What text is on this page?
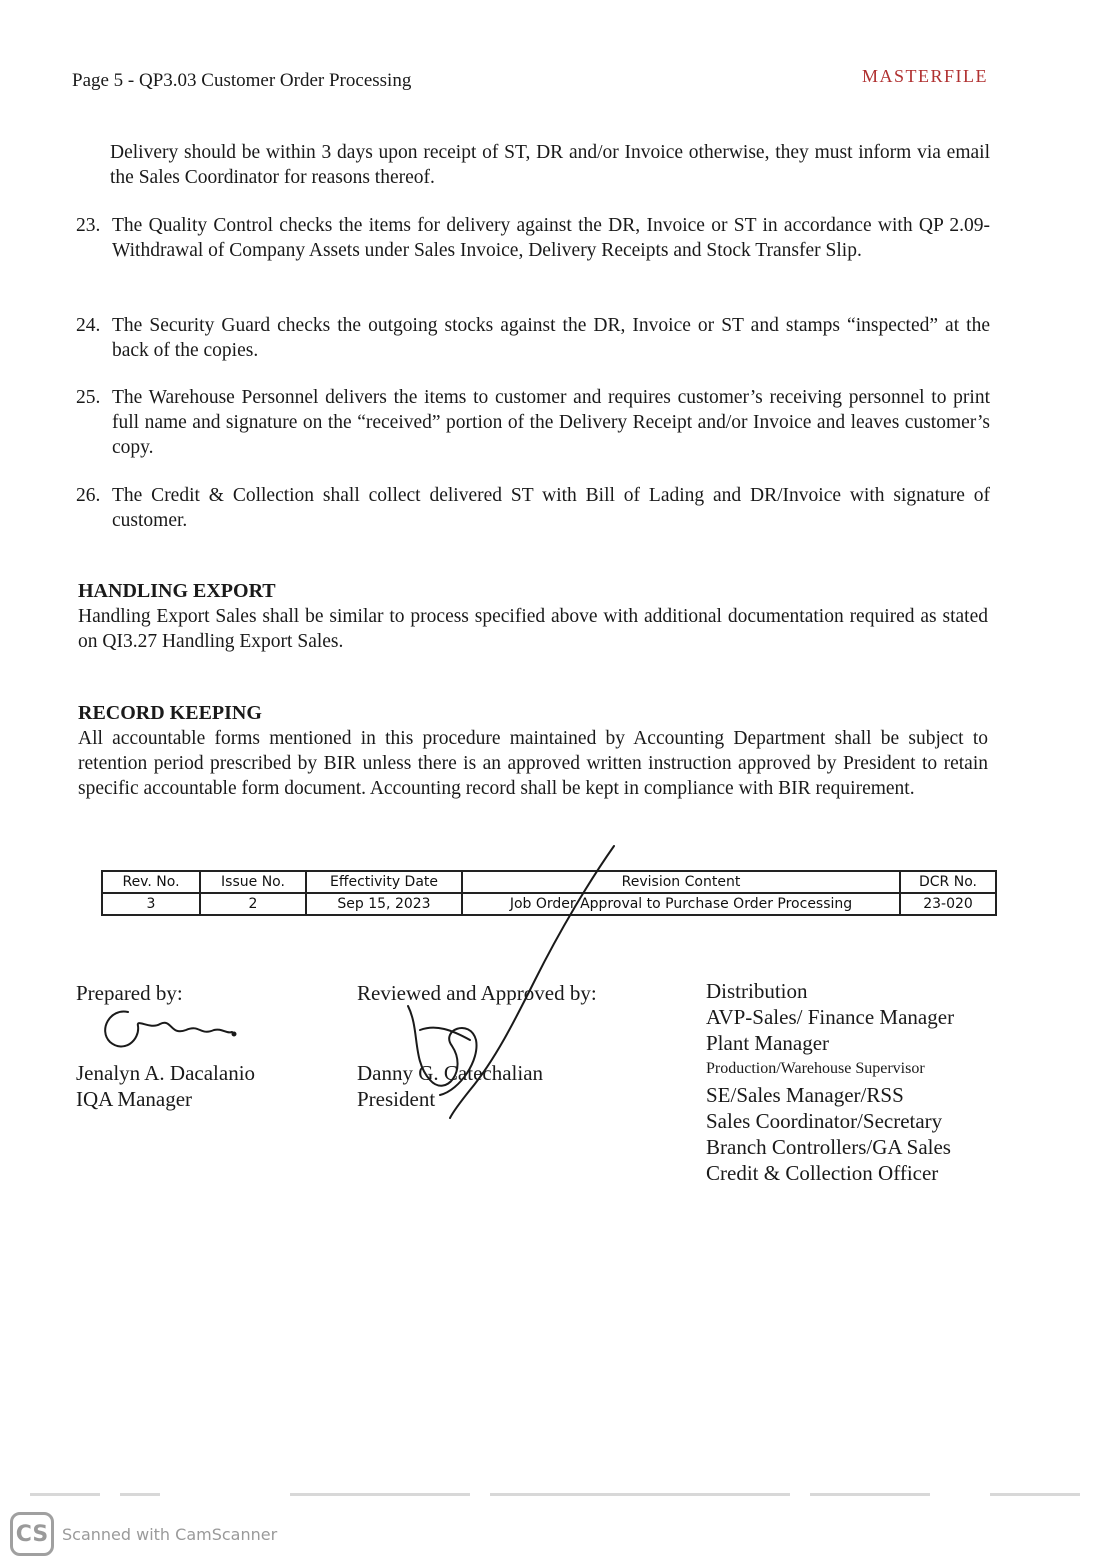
Page 5 - QP3.03 Customer Order Processing	MASTERFILE
Delivery should be within 3 days upon receipt of ST, DR and/or Invoice otherwise, they must inform via email the Sales Coordinator for reasons thereof.
23. The Quality Control checks the items for delivery against the DR, Invoice or ST in accordance with QP 2.09- Withdrawal of Company Assets under Sales Invoice, Delivery Receipts and Stock Transfer Slip.
24. The Security Guard checks the outgoing stocks against the DR, Invoice or ST and stamps “inspected” at the back of the copies.
25. The Warehouse Personnel delivers the items to customer and requires customer’s receiving personnel to print full name and signature on the “received” portion of the Delivery Receipt and/or Invoice and leaves customer’s copy.
26. The Credit & Collection shall collect delivered ST with Bill of Lading and DR/Invoice with signature of customer.
HANDLING EXPORT
Handling Export Sales shall be similar to process specified above with additional documentation required as stated on QI3.27 Handling Export Sales.
RECORD KEEPING
All accountable forms mentioned in this procedure maintained by Accounting Department shall be subject to retention period prescribed by BIR unless there is an approved written instruction approved by President to retain specific accountable form document. Accounting record shall be kept in compliance with BIR requirement.
Rev. No.	Issue No.	Effectivity Date	Revision Content	DCR No.
3	2	Sep 15, 2023	Job Order Approval to Purchase Order Processing	23-020
Prepared by:
Jenalyn A. Dacalanio
IQA Manager
Reviewed and Approved by:
Danny G. Catechalian
President
Distribution
AVP-Sales/ Finance Manager
Plant Manager
Production/Warehouse Supervisor
SE/Sales Manager/RSS
Sales Coordinator/Secretary
Branch Controllers/GA Sales
Credit & Collection Officer
CS Scanned with CamScanner
